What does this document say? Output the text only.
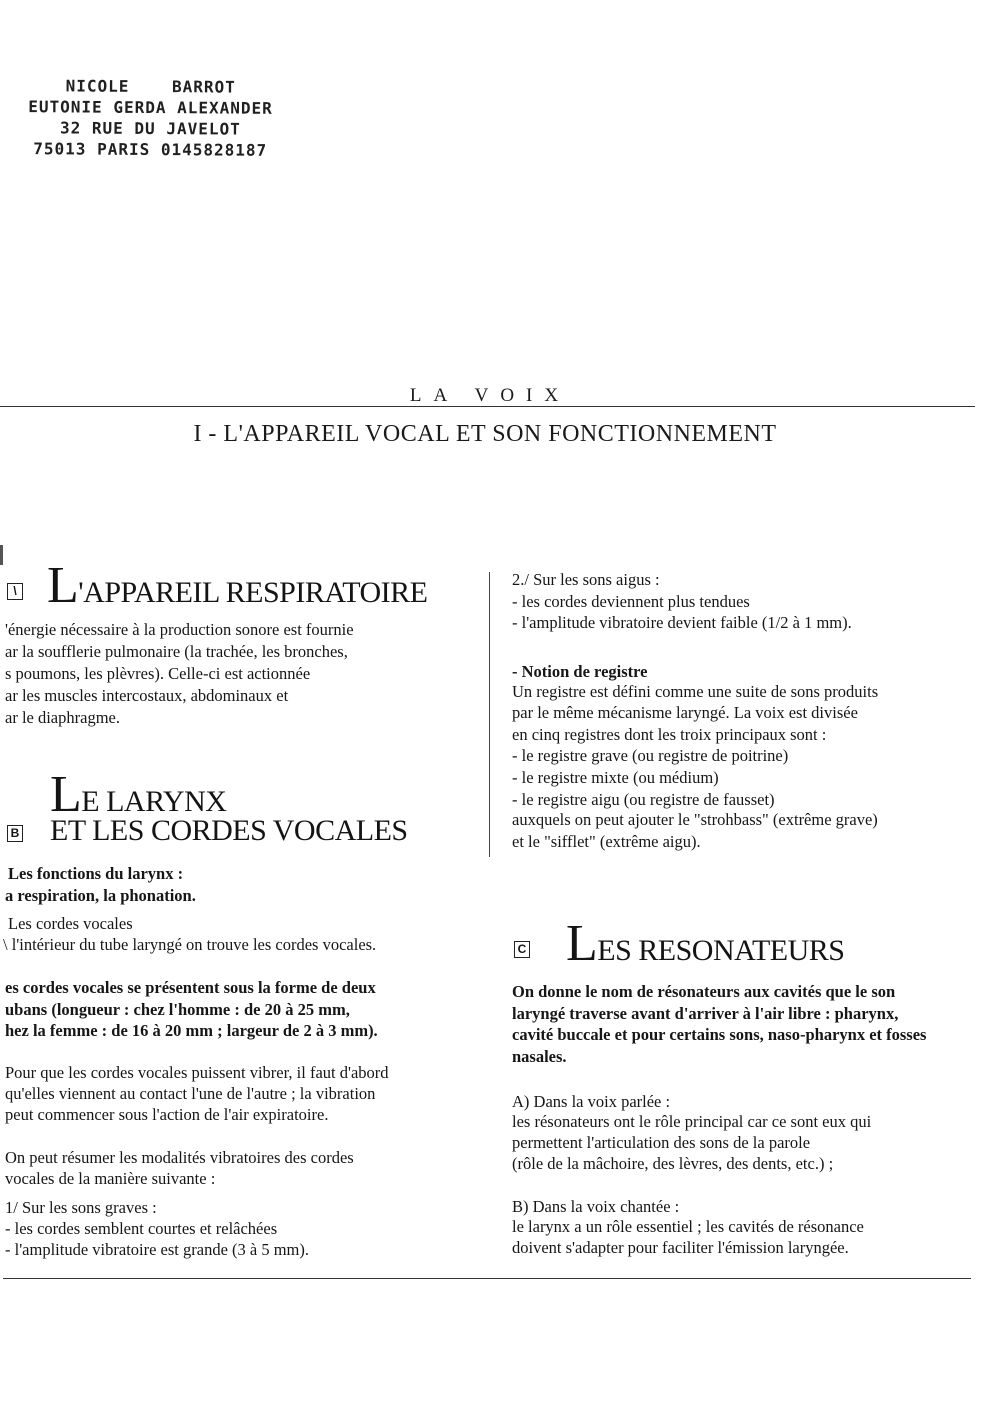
NICOLE    BARROT
EUTONIE GERDA ALEXANDER
32 RUE DU JAVELOT
75013 PARIS 0145828187
LA VOIX
I - L'APPAREIL VOCAL ET SON FONCTIONNEMENT
\ L'APPAREIL RESPIRATOIRE
'énergie nécessaire à la production sonore est fournie
ar la soufflerie pulmonaire (la trachée, les bronches,
s poumons, les plèvres). Celle-ci est actionnée
ar les muscles intercostaux, abdominaux et
ar le diaphragme.
LE LARYNX
B ET LES CORDES VOCALES
Les fonctions du larynx :
a respiration, la phonation.
Les cordes vocales
\ l'intérieur du tube laryngé on trouve les cordes vocales.
es cordes vocales se présentent sous la forme de deux
ubans (longueur : chez l'homme : de 20 à 25 mm,
hez la femme : de 16 à 20 mm ; largeur de 2 à 3 mm).
Pour que les cordes vocales puissent vibrer, il faut d'abord
qu'elles viennent au contact l'une de l'autre ; la vibration
peut commencer sous l'action de l'air expiratoire.
On peut résumer les modalités vibratoires des cordes
vocales de la manière suivante :
1/ Sur les sons graves :
- les cordes semblent courtes et relâchées
- l'amplitude vibratoire est grande (3 à 5 mm).
2./ Sur les sons aigus :
- les cordes deviennent plus tendues
- l'amplitude vibratoire devient faible (1/2 à 1 mm).
- Notion de registre
Un registre est défini comme une suite de sons produits
par le même mécanisme laryngé. La voix est divisée
en cinq registres dont les troix principaux sont :
- le registre grave (ou registre de poitrine)
- le registre mixte (ou médium)
- le registre aigu (ou registre de fausset)
auxquels on peut ajouter le "strohbass" (extrême grave)
et le "sifflet" (extrême aigu).
C LES RESONATEURS
On donne le nom de résonateurs aux cavités que le son
laryngé traverse avant d'arriver à l'air libre : pharynx,
cavité buccale et pour certains sons, naso-pharynx et fosses
nasales.
A) Dans la voix parlée :
les résonateurs ont le rôle principal car ce sont eux qui
permettent l'articulation des sons de la parole
(rôle de la mâchoire, des lèvres, des dents, etc.) ;
B) Dans la voix chantée :
le larynx a un rôle essentiel ; les cavités de résonance
doivent s'adapter pour faciliter l'émission laryngée.
